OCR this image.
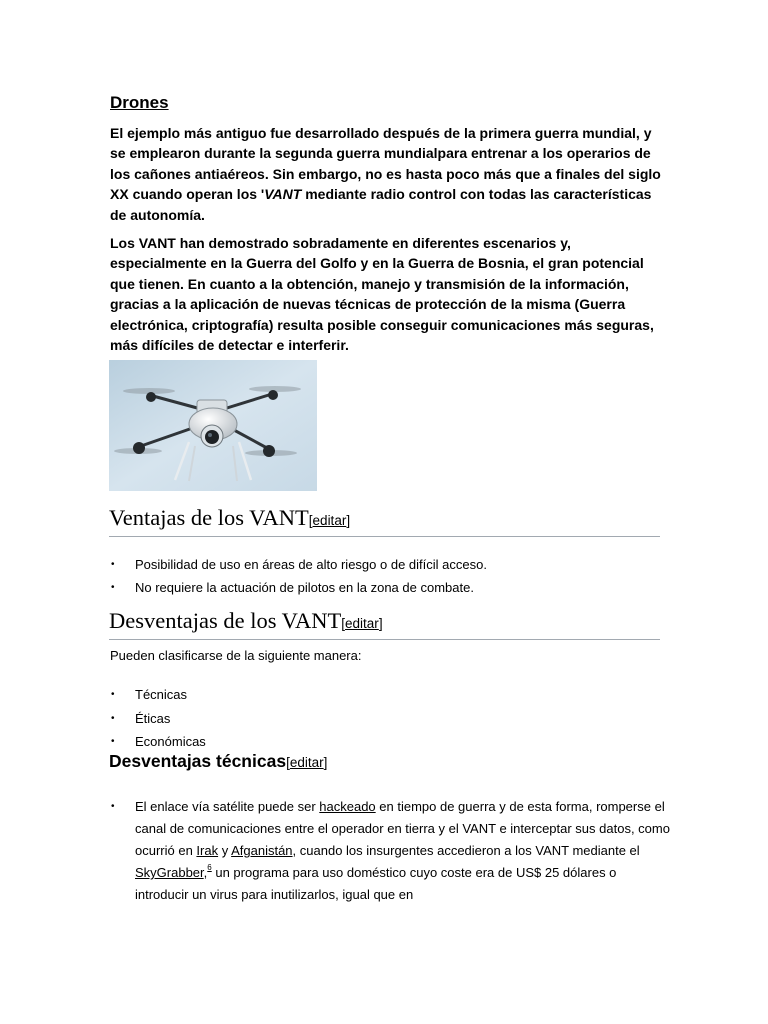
Drones

El ejemplo más antiguo fue desarrollado después de la primera guerra mundial, y se emplearon durante la segunda guerra mundialpara entrenar a los operarios de los cañones antiaéreos. Sin embargo, no es hasta poco más que a finales del siglo XX cuando operan los 'VANT mediante radio control con todas las características de autonomía.

Los VANT han demostrado sobradamente en diferentes escenarios y, especialmente en la Guerra del Golfo y en la Guerra de Bosnia, el gran potencial que tienen. En cuanto a la obtención, manejo y transmisión de la información, gracias a la aplicación de nuevas técnicas de protección de la misma (Guerra electrónica, criptografía) resulta posible conseguir comunicaciones más seguras, más difíciles de detectar e interferir.

Ventajas de los VANT[editar]
• Posibilidad de uso en áreas de alto riesgo o de difícil acceso.
• No requiere la actuación de pilotos en la zona de combate.
Desventajas de los VANT[editar]

Pueden clasificarse de la siguiente manera:

• Técnicas
• Éticas
• Económicas
Desventajas técnicas[editar]
• El enlace vía satélite puede ser hackeado en tiempo de guerra y de esta forma, romperse el canal de comunicaciones entre el operador en tierra y el VANT e interceptar sus datos, como ocurrió en Irak y Afganistán, cuando los insurgentes accedieron a los VANT mediante el SkyGrabber,$^6$ un programa para uso doméstico cuyo coste era de US$ 25 dólares o introducir un virus para inutilizarlos, igual que en
